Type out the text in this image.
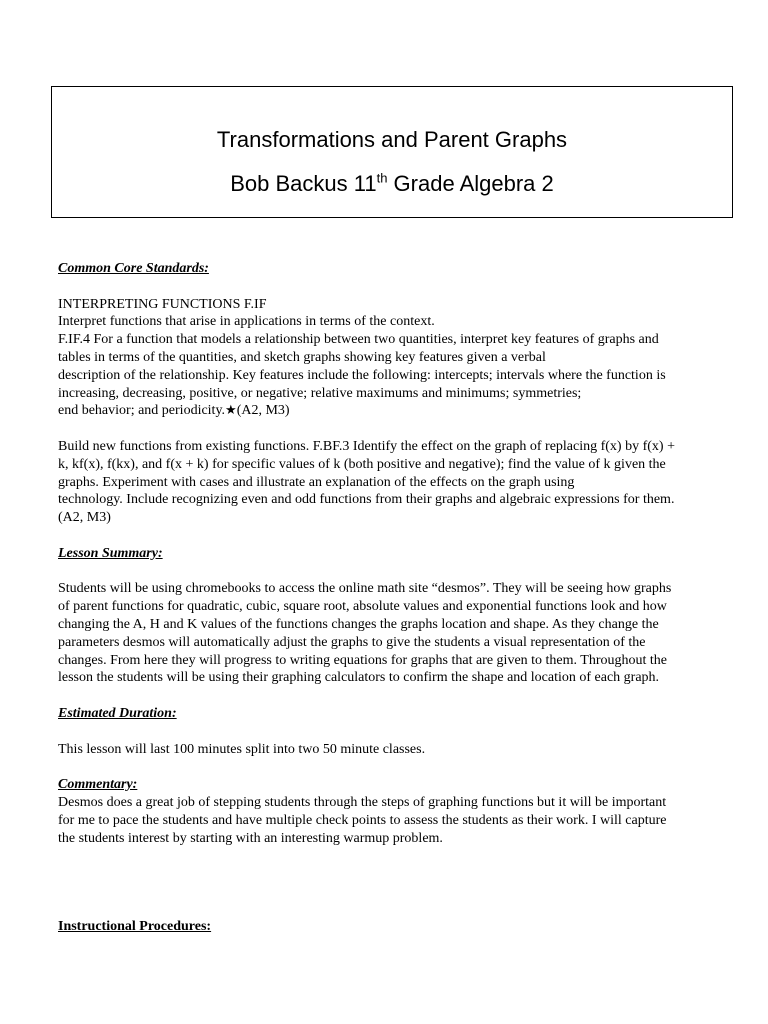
Transformations and Parent Graphs
Bob Backus 11th Grade Algebra 2
Common Core Standards:
INTERPRETING FUNCTIONS F.IF
Interpret functions that arise in applications in terms of the context.
F.IF.4 For a function that models a relationship between two quantities, interpret key features of graphs and
tables in terms of the quantities, and sketch graphs showing key features given a verbal
description of the relationship. Key features include the following: intercepts; intervals where the function is
increasing, decreasing, positive, or negative; relative maximums and minimums; symmetries;
end behavior; and periodicity.★(A2, M3)
Build new functions from existing functions. F.BF.3 Identify the effect on the graph of replacing f(x) by f(x) +
k, kf(x), f(kx), and f(x + k) for specific values of k (both positive and negative); find the value of k given the
graphs. Experiment with cases and illustrate an explanation of the effects on the graph using
technology. Include recognizing even and odd functions from their graphs and algebraic expressions for them.
(A2, M3)
Lesson Summary:
Students will be using chromebooks to access the online math site “desmos”. They will be seeing how graphs
of parent functions for quadratic, cubic, square root, absolute values and exponential functions look and how
changing the A, H and K values of the functions changes the graphs location and shape. As they change the
parameters desmos will automatically adjust the graphs to give the students a visual representation of the
changes. From here they will progress to writing equations for graphs that are given to them. Throughout the
lesson the students will be using their graphing calculators to confirm the shape and location of each graph.
Estimated Duration:
This lesson will last 100 minutes split into two 50 minute classes.
Commentary:
Desmos does a great job of stepping students through the steps of graphing functions but it will be important
for me to pace the students and have multiple check points to assess the students as their work. I will capture
the students interest by starting with an interesting warmup problem.
Instructional Procedures:
